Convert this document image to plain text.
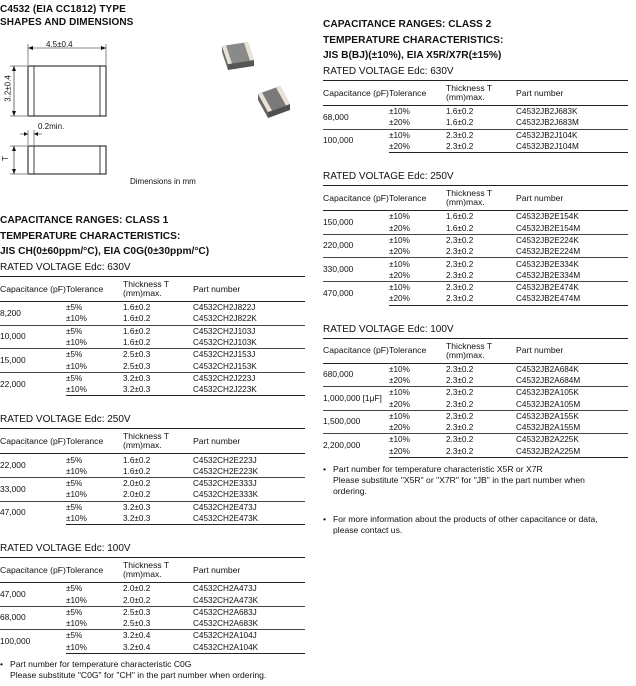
C4532 (EIA CC1812) TYPE
SHAPES AND DIMENSIONS
4.5±0.4
3.2±0.4
0.2min.
T
Dimensions in mm
CAPACITANCE RANGES: CLASS 1
TEMPERATURE CHARACTERISTICS:
JIS CH(0±60ppm/°C), EIA C0G(0±30ppm/°C)
RATED VOLTAGE Edc: 630V
Capacitance (pF)	Tolerance	Thickness T (mm)max.	Part number
8,200	±5%	1.6±0.2	C4532CH2J822J
	±10%	1.6±0.2	C4532CH2J822K
10,000	±5%	1.6±0.2	C4532CH2J103J
	±10%	1.6±0.2	C4532CH2J103K
15,000	±5%	2.5±0.3	C4532CH2J153J
	±10%	2.5±0.3	C4532CH2J153K
22,000	±5%	3.2±0.3	C4532CH2J223J
	±10%	3.2±0.3	C4532CH2J223K
RATED VOLTAGE Edc: 250V
Capacitance (pF)	Tolerance	Thickness T (mm)max.	Part number
22,000	±5%	1.6±0.2	C4532CH2E223J
	±10%	1.6±0.2	C4532CH2E223K
33,000	±5%	2.0±0.2	C4532CH2E333J
	±10%	2.0±0.2	C4532CH2E333K
47,000	±5%	3.2±0.3	C4532CH2E473J
	±10%	3.2±0.3	C4532CH2E473K
RATED VOLTAGE Edc: 100V
Capacitance (pF)	Tolerance	Thickness T (mm)max.	Part number
47,000	±5%	2.0±0.2	C4532CH2A473J
	±10%	2.0±0.2	C4532CH2A473K
68,000	±5%	2.5±0.3	C4532CH2A683J
	±10%	2.5±0.3	C4532CH2A683K
100,000	±5%	3.2±0.4	C4532CH2A104J
	±10%	3.2±0.4	C4532CH2A104K
• Part number for temperature characteristic C0G
Please substitute "C0G" for "CH" in the part number when ordering.
CAPACITANCE RANGES: CLASS 2
TEMPERATURE CHARACTERISTICS:
JIS B(BJ)(±10%), EIA X5R/X7R(±15%)
RATED VOLTAGE Edc: 630V
Capacitance (pF)	Tolerance	Thickness T (mm)max.	Part number
68,000	±10%	1.6±0.2	C4532JB2J683K
	±20%	1.6±0.2	C4532JB2J683M
100,000	±10%	2.3±0.2	C4532JB2J104K
	±20%	2.3±0.2	C4532JB2J104M
RATED VOLTAGE Edc: 250V
Capacitance (pF)	Tolerance	Thickness T (mm)max.	Part number
150,000	±10%	1.6±0.2	C4532JB2E154K
	±20%	1.6±0.2	C4532JB2E154M
220,000	±10%	2.3±0.2	C4532JB2E224K
	±20%	2.3±0.2	C4532JB2E224M
330,000	±10%	2.3±0.2	C4532JB2E334K
	±20%	2.3±0.2	C4532JB2E334M
470,000	±10%	2.3±0.2	C4532JB2E474K
	±20%	2.3±0.2	C4532JB2E474M
RATED VOLTAGE Edc: 100V
Capacitance (pF)	Tolerance	Thickness T (mm)max.	Part number
680,000	±10%	2.3±0.2	C4532JB2A684K
	±20%	2.3±0.2	C4532JB2A684M
1,000,000 [1μF]	±10%	2.3±0.2	C4532JB2A105K
	±20%	2.3±0.2	C4532JB2A105M
1,500,000	±10%	2.3±0.2	C4532JB2A155K
	±20%	2.3±0.2	C4532JB2A155M
2,200,000	±10%	2.3±0.2	C4532JB2A225K
	±20%	2.3±0.2	C4532JB2A225M
• Part number for temperature characteristic X5R or X7R
Please substitute "X5R" or "X7R" for "JB" in the part number when
ordering.
• For more information about the products of other capacitance or data,
please contact us.
